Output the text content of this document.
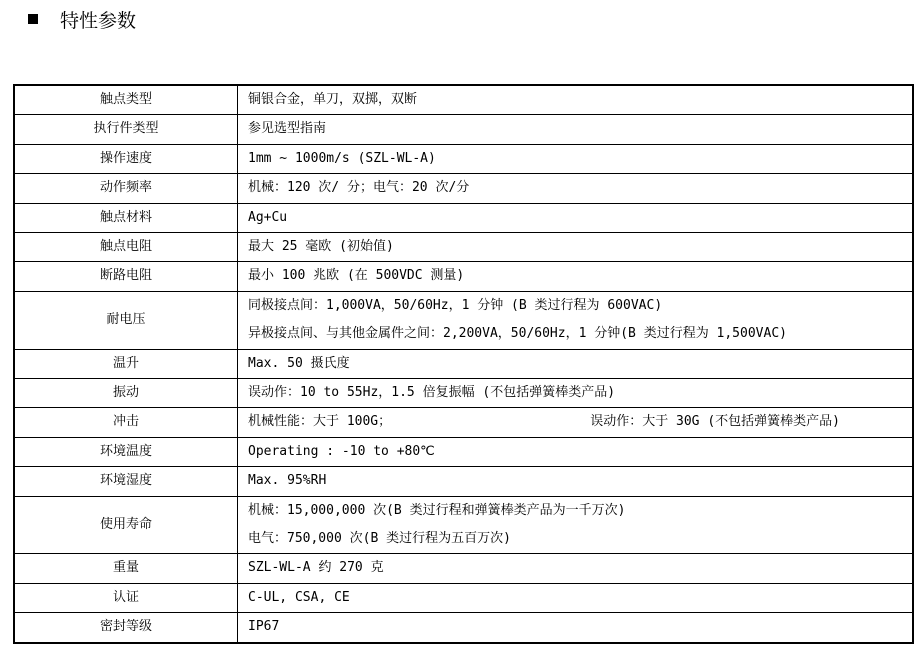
特性参数
触点类型	铜银合金，单刀，双掷，双断
执行件类型	参见选型指南
操作速度	1mm ~ 1000m/s (SZL-WL-A)
动作频率	机械：120 次/ 分；电气：20 次/分
触点材料	Ag+Cu
触点电阻	最大 25 毫欧 (初始值)
断路电阻	最小 100 兆欧 (在 500VDC 测量)
耐电压	同极接点间：1,000VA，50/60Hz，1 分钟 (B 类过行程为 600VAC)
异极接点间、与其他金属件之间：2,200VA，50/60Hz，1 分钟(B 类过行程为 1,500VAC)

温升	Max. 50 摄氏度
振动	误动作：10 to 55Hz，1.5 倍复振幅 (不包括弹簧棒类产品)
冲击	机械性能：大于 100G； 误动作：大于 30G (不包括弹簧棒类产品)

环境温度	Operating : -10 to +80℃
环境湿度	Max. 95%RH
使用寿命	机械：15,000,000 次(B 类过行程和弹簧棒类产品为一千万次)
电气：750,000 次(B 类过行程为五百万次)

重量	SZL-WL-A 约 270 克
认证	C-UL, CSA, CE
密封等级	IP67
